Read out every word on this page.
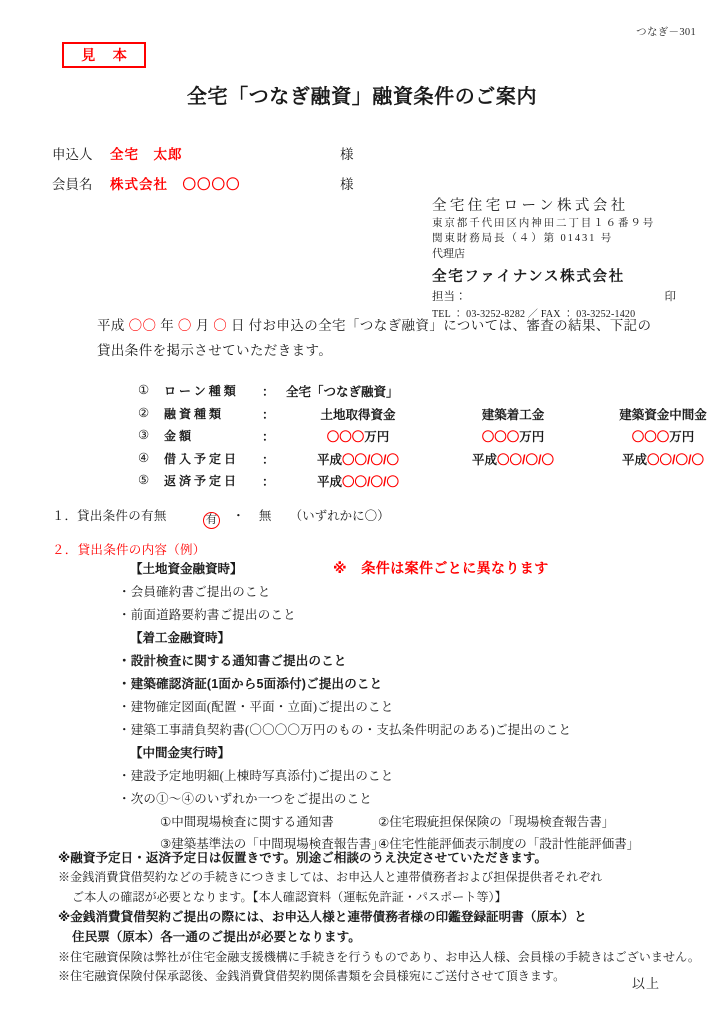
つなぎ－301
見 本
全宅「つなぎ融資」融資条件のご案内
申込人 全宅　太郎	様
会員名 株式会社　〇〇〇〇	様
全宅住宅ローン株式会社
東京都千代田区内神田二丁目１６番９号
関東財務局長（４）第 01431 号
代理店
全宅ファイナンス株式会社
担当：	印
TEL ： 03-3252-8282 ／ FAX ： 03-3252-1420
平成 〇〇 年 〇 月 〇 日 付お申込の全宅「つなぎ融資」については、審査の結果、下記の
貸出条件を掲示させていただきます。
① ローン種類	： 全宅「つなぎ融資」
② 融資種類	：	土地取得資金	建築着工金	建築資金中間金
③ 金額	：	〇〇〇万円	〇〇〇万円	〇〇〇万円
④ 借入予定日	：	平成〇〇/〇/〇	平成〇〇/〇/〇	平成〇〇/〇/〇
⑤ 返済予定日	：	平成〇〇/〇/〇
１．貸出条件の有無	有 ・ 無 （いずれかに〇）
２．貸出条件の内容（例）
※　条件は案件ごとに異なります
【土地資金融資時】
・会員確約書ご提出のこと
・前面道路要約書ご提出のこと
【着工金融資時】
・設計検査に関する通知書ご提出のこと
・建築確認済証(1面から5面添付)ご提出のこと
・建物確定図面(配置・平面・立面)ご提出のこと
・建築工事請負契約書(〇〇〇〇万円のもの・支払条件明記のある)ご提出のこと
【中間金実行時】
・建設予定地明細(上棟時写真添付)ご提出のこと
・次の①～④のいずれか一つをご提出のこと
①中間現場検査に関する通知書	②住宅瑕疵担保保険の「現場検査報告書」
③建築基準法の「中間現場検査報告書」④住宅性能評価表示制度の「設計性能評価書」
※融資予定日・返済予定日は仮置きです。別途ご相談のうえ決定させていただきます。
※金銭消費貸借契約などの手続きにつきましては、お申込人と連帯債務者および担保提供者それぞれ
ご本人の確認が必要となります。【本人確認資料（運転免許証・パスポート等）】
※金銭消費貸借契約ご提出の際には、お申込人様と連帯債務者様の印鑑登録証明書（原本）と
住民票（原本）各一通のご提出が必要となります。
※住宅融資保険は弊社が住宅金融支援機構に手続きを行うものであり、お申込人様、会員様の手続きはございません。
※住宅融資保険付保承認後、金銭消費貸借契約関係書類を会員様宛にご送付させて頂きます。	以上
